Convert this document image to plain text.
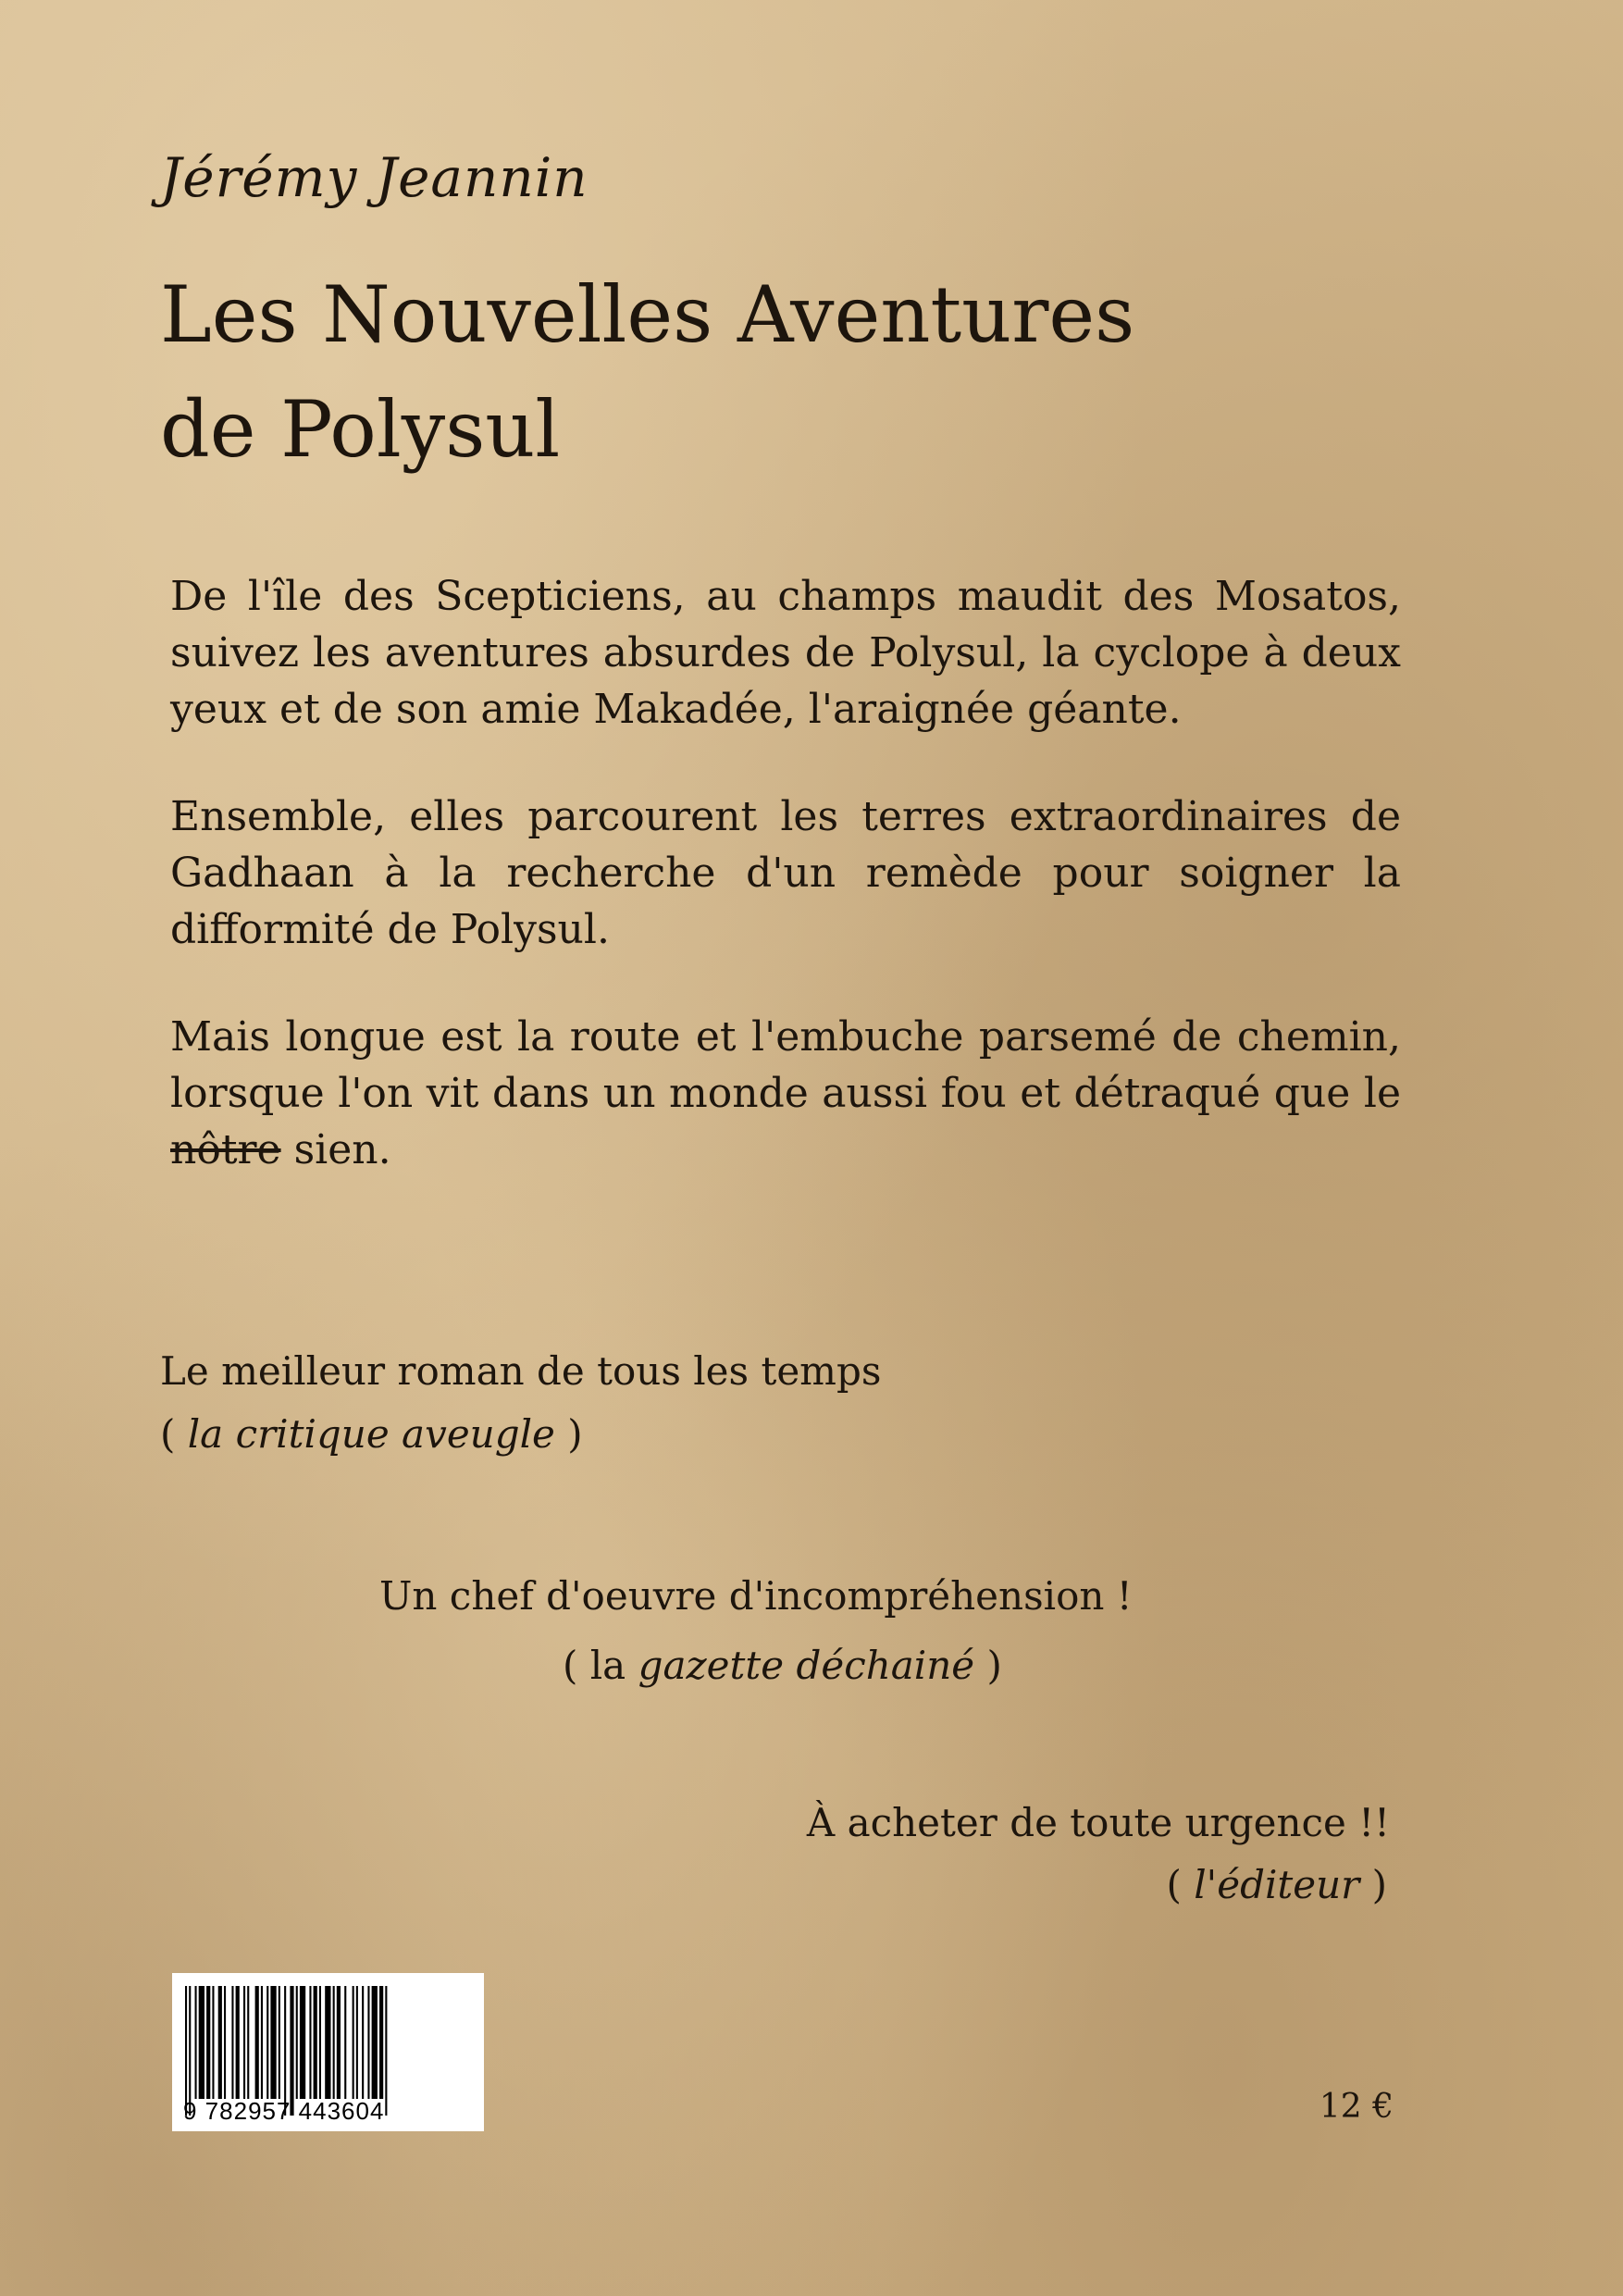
Jérémy Jeannin
Les Nouvelles Aventures
de Polysul
De l'île des Scepticiens, au champs maudit des Mosatos, suivez les aventures absurdes de Polysul, la cyclope à deux yeux et de son amie Makadée, l'araignée géante.
Ensemble, elles parcourent les terres extraordinaires de Gadhaan à la recherche d'un remède pour soigner la difformité de Polysul.
Mais longue est la route et l'embuche parsemé de chemin, lorsque l'on vit dans un monde aussi fou et détraqué que le nôtre sien.
Le meilleur roman de tous les temps
( la critique aveugle )
Un chef d'oeuvre d'incompréhension !
( la gazette déchainé )
À acheter de toute urgence !!
( l'éditeur )
9 782957 443604	12 €
